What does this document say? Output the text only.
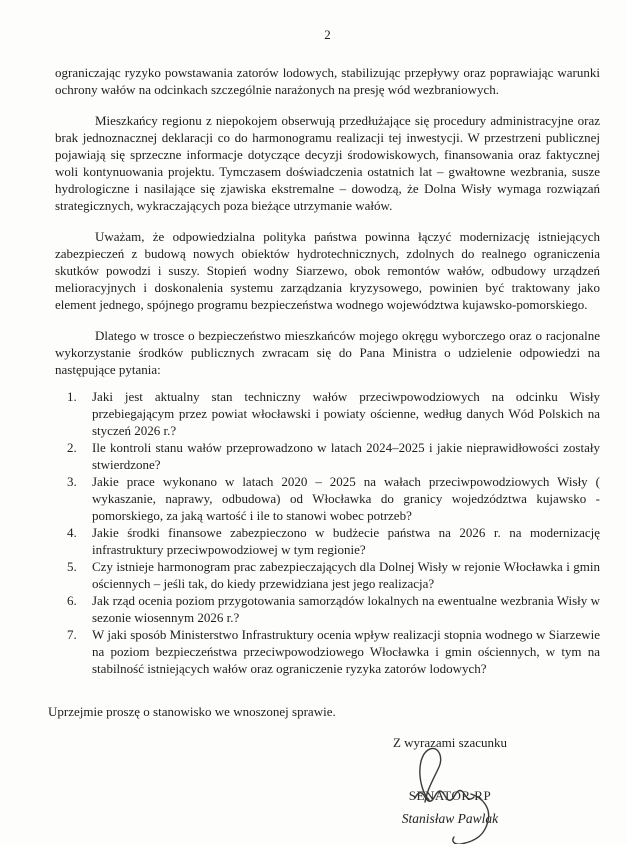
2

ograniczając ryzyko powstawania zatorów lodowych, stabilizując przepływy oraz poprawiając warunki ochrony wałów na odcinkach szczególnie narażonych na presję wód wezbraniowych.

Mieszkańcy regionu z niepokojem obserwują przedłużające się procedury administracyjne oraz brak jednoznacznej deklaracji co do harmonogramu realizacji tej inwestycji. W przestrzeni publicznej pojawiają się sprzeczne informacje dotyczące decyzji środowiskowych, finansowania oraz faktycznej woli kontynuowania projektu. Tymczasem doświadczenia ostatnich lat – gwałtowne wezbrania, susze hydrologiczne i nasilające się zjawiska ekstremalne – dowodzą, że Dolna Wisły wymaga rozwiązań strategicznych, wykraczających poza bieżące utrzymanie wałów.

Uważam, że odpowiedzialna polityka państwa powinna łączyć modernizację istniejących zabezpieczeń z budową nowych obiektów hydrotechnicznych, zdolnych do realnego ograniczenia skutków powodzi i suszy. Stopień wodny Siarzewo, obok remontów wałów, odbudowy urządzeń melioracyjnych i doskonalenia systemu zarządzania kryzysowego, powinien być traktowany jako element jednego, spójnego programu bezpieczeństwa wodnego województwa kujawsko-pomorskiego.

Dlatego w trosce o bezpieczeństwo mieszkańców mojego okręgu wyborczego oraz o racjonalne wykorzystanie środków publicznych zwracam się do Pana Ministra o udzielenie odpowiedzi na następujące pytania:

1.	Jaki jest aktualny stan techniczny wałów przeciwpowodziowych na odcinku Wisły przebiegającym przez powiat włocławski i powiaty ościenne, według danych Wód Polskich na styczeń 2026 r.?
2.	Ile kontroli stanu wałów przeprowadzono w latach 2024–2025 i jakie nieprawidłowości zostały stwierdzone?
3.	Jakie prace wykonano w latach 2020 – 2025 na wałach przeciwpowodziowych Wisły ( wykaszanie, naprawy, odbudowa) od Włocławka do granicy wojedzództwa kujawsko - pomorskiego, za jaką wartość i ile to stanowi wobec potrzeb?
4.	Jakie środki finansowe zabezpieczono w budżecie państwa na 2026 r. na modernizację infrastruktury przeciwpowodziowej w tym regionie?
5.	Czy istnieje harmonogram prac zabezpieczających dla Dolnej Wisły w rejonie Włocławka i gmin ościennych – jeśli tak, do kiedy przewidziana jest jego realizacja?
6.	Jak rząd ocenia poziom przygotowania samorządów lokalnych na ewentualne wezbrania Wisły w sezonie wiosennym 2026 r.?
7.	W jaki sposób Ministerstwo Infrastruktury ocenia wpływ realizacji stopnia wodnego w Siarzewie na poziom bezpieczeństwa przeciwpowodziowego Włocławka i gmin ościennych, w tym na stabilność istniejących wałów oraz ograniczenie ryzyka zatorów lodowych?

Uprzejmie proszę o stanowisko we wnoszonej sprawie.

Z wyrazami szacunku
SENATOR RP
Stanisław Pawlak
